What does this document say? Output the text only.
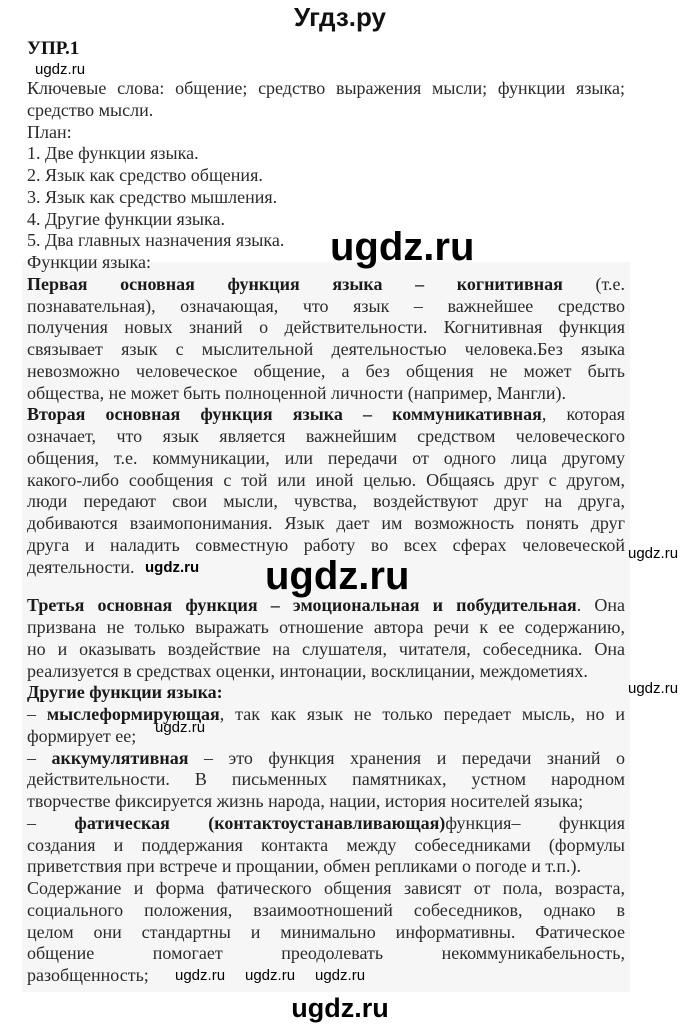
Угдз.ру
УПР.1
Ключевые слова: общение; средство выражения мысли; функции языка;
средство мысли.
План:
1. Две функции языка.
2. Язык как средство общения.
3. Язык как средство мышления.
4. Другие функции языка.
5. Два главных назначения языка.
Функции языка:
Первая основная функция языка – когнитивная (т.е.
познавательная), означающая, что язык – важнейшее средство
получения новых знаний о действительности. Когнитивная функция
связывает язык с мыслительной деятельностью человека.Без языка
невозможно человеческое общение, а без общения не может быть
общества, не может быть полноценной личности (например, Мангли).
Вторая основная функция языка – коммуникативная, которая
означает, что язык является важнейшим средством человеческого
общения, т.е. коммуникации, или передачи от одного лица другому
какого-либо сообщения с той или иной целью. Общаясь друг с другом,
люди передают свои мысли, чувства, воздействуют друг на друга,
добиваются взаимопонимания. Язык дает им возможность понять друг
друга и наладить совместную работу во всех сферах человеческой
деятельности.
Третья основная функция – эмоциональная и побудительная. Она
призвана не только выражать отношение автора речи к ее содержанию,
но и оказывать воздействие на слушателя, читателя, собеседника. Она
реализуется в средствах оценки, интонации, восклицании, междометиях.
Другие функции языка:
– мыслеформирующая, так как язык не только передает мысль, но и
формирует ее;
– аккумулятивная – это функция хранения и передачи знаний о
действительности. В письменных памятниках, устном народном
творчестве фиксируется жизнь народа, нации, история носителей языка;
– фатическая (контактоустанавливающая)функция– функция
создания и поддержания контакта между собеседниками (формулы
приветствия при встрече и прощании, обмен репликами о погоде и т.п.).
Содержание и форма фатического общения зависят от пола, возраста,
социального положения, взаимоотношений собеседников, однако в
целом они стандартны и минимально информативны. Фатическое
общение помогает преодолевать некоммуникабельность,
разобщенность;
ugdz.ru
ugdz.ru
ugdz.ru
ugdz.ru
ugdz.ru
ugdz.ru
ugdz.ru
ugdz.ru ugdz.ru ugdz.ru
ugdz.ru
